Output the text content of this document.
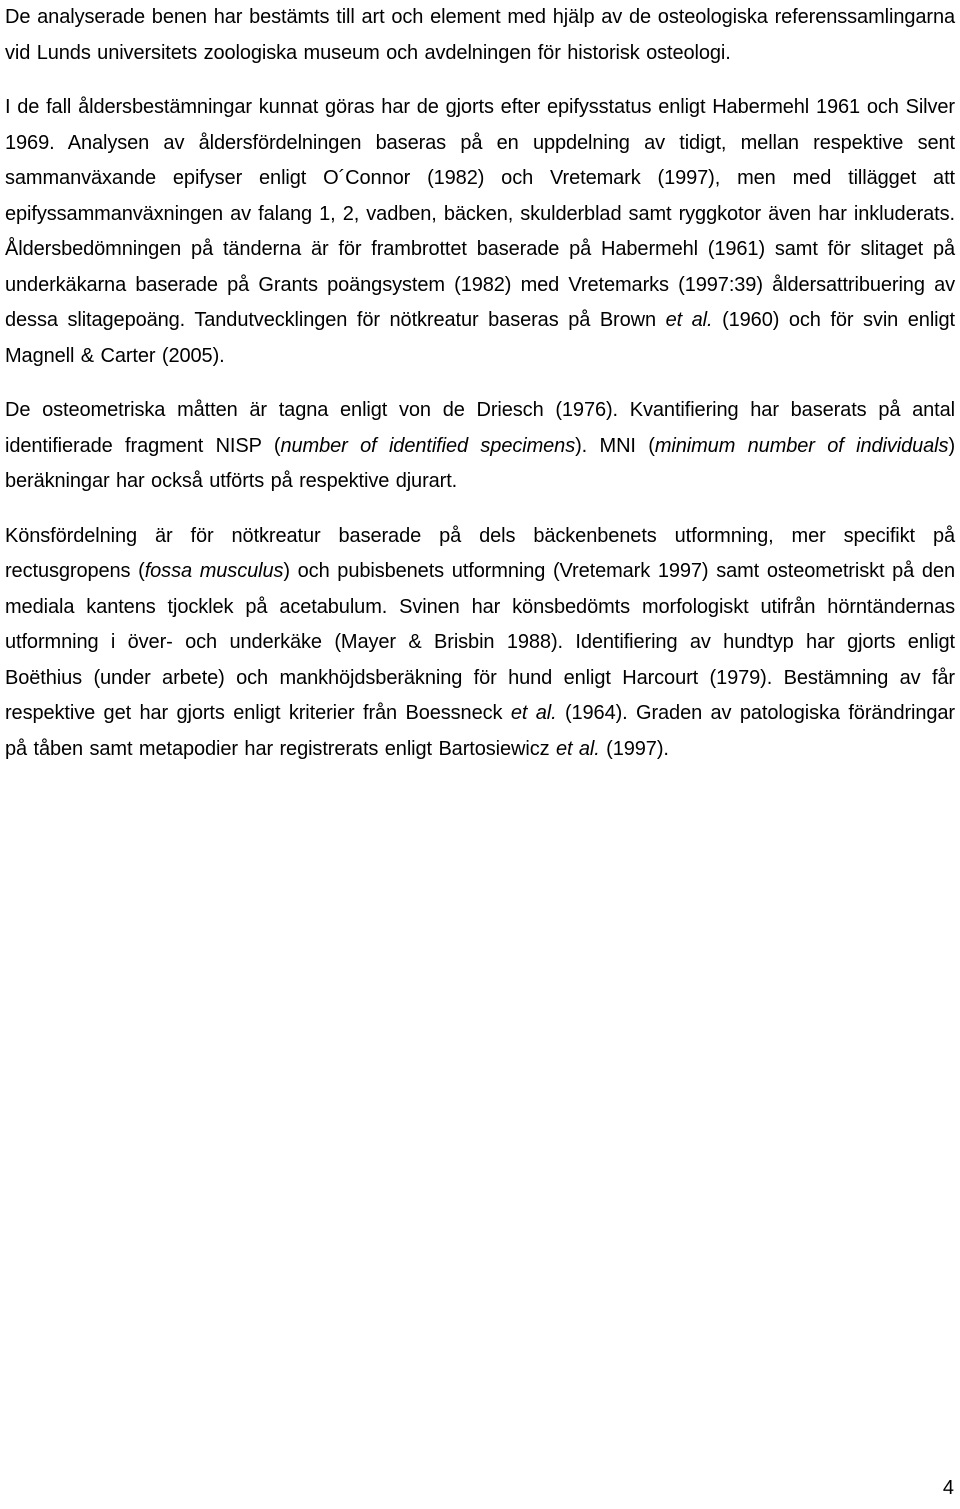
De analyserade benen har bestämts till art och element med hjälp av de osteologiska referenssamlingarna vid Lunds universitets zoologiska museum och avdelningen för historisk osteologi.

I de fall åldersbestämningar kunnat göras har de gjorts efter epifysstatus enligt Habermehl 1961 och Silver 1969. Analysen av åldersfördelningen baseras på en uppdelning av tidigt, mellan respektive sent sammanväxande epifyser enligt O´Connor (1982) och Vretemark (1997), men med tillägget att epifyssammanväxningen av falang 1, 2, vadben, bäcken, skulderblad samt ryggkotor även har inkluderats. Åldersbedömningen på tänderna är för frambrottet baserade på Habermehl (1961) samt för slitaget på underkäkarna baserade på Grants poängsystem (1982) med Vretemarks (1997:39) åldersattribuering av dessa slitagepoäng. Tandutvecklingen för nötkreatur baseras på Brown et al. (1960) och för svin enligt Magnell & Carter (2005).

De osteometriska måtten är tagna enligt von de Driesch (1976). Kvantifiering har baserats på antal identifierade fragment NISP (number of identified specimens). MNI (minimum number of individuals) beräkningar har också utförts på respektive djurart.

Könsfördelning är för nötkreatur baserade på dels bäckenbenets utformning, mer specifikt på rectusgropens (fossa musculus) och pubisbenets utformning (Vretemark 1997) samt osteometriskt på den mediala kantens tjocklek på acetabulum. Svinen har könsbedömts morfologiskt utifrån hörntändernas utformning i över- och underkäke (Mayer & Brisbin 1988). Identifiering av hundtyp har gjorts enligt Boëthius (under arbete) och mankhöjdsberäkning för hund enligt Harcourt (1979). Bestämning av får respektive get har gjorts enligt kriterier från Boessneck et al. (1964). Graden av patologiska förändringar på tåben samt metapodier har registrerats enligt Bartosiewicz et al. (1997).

4
